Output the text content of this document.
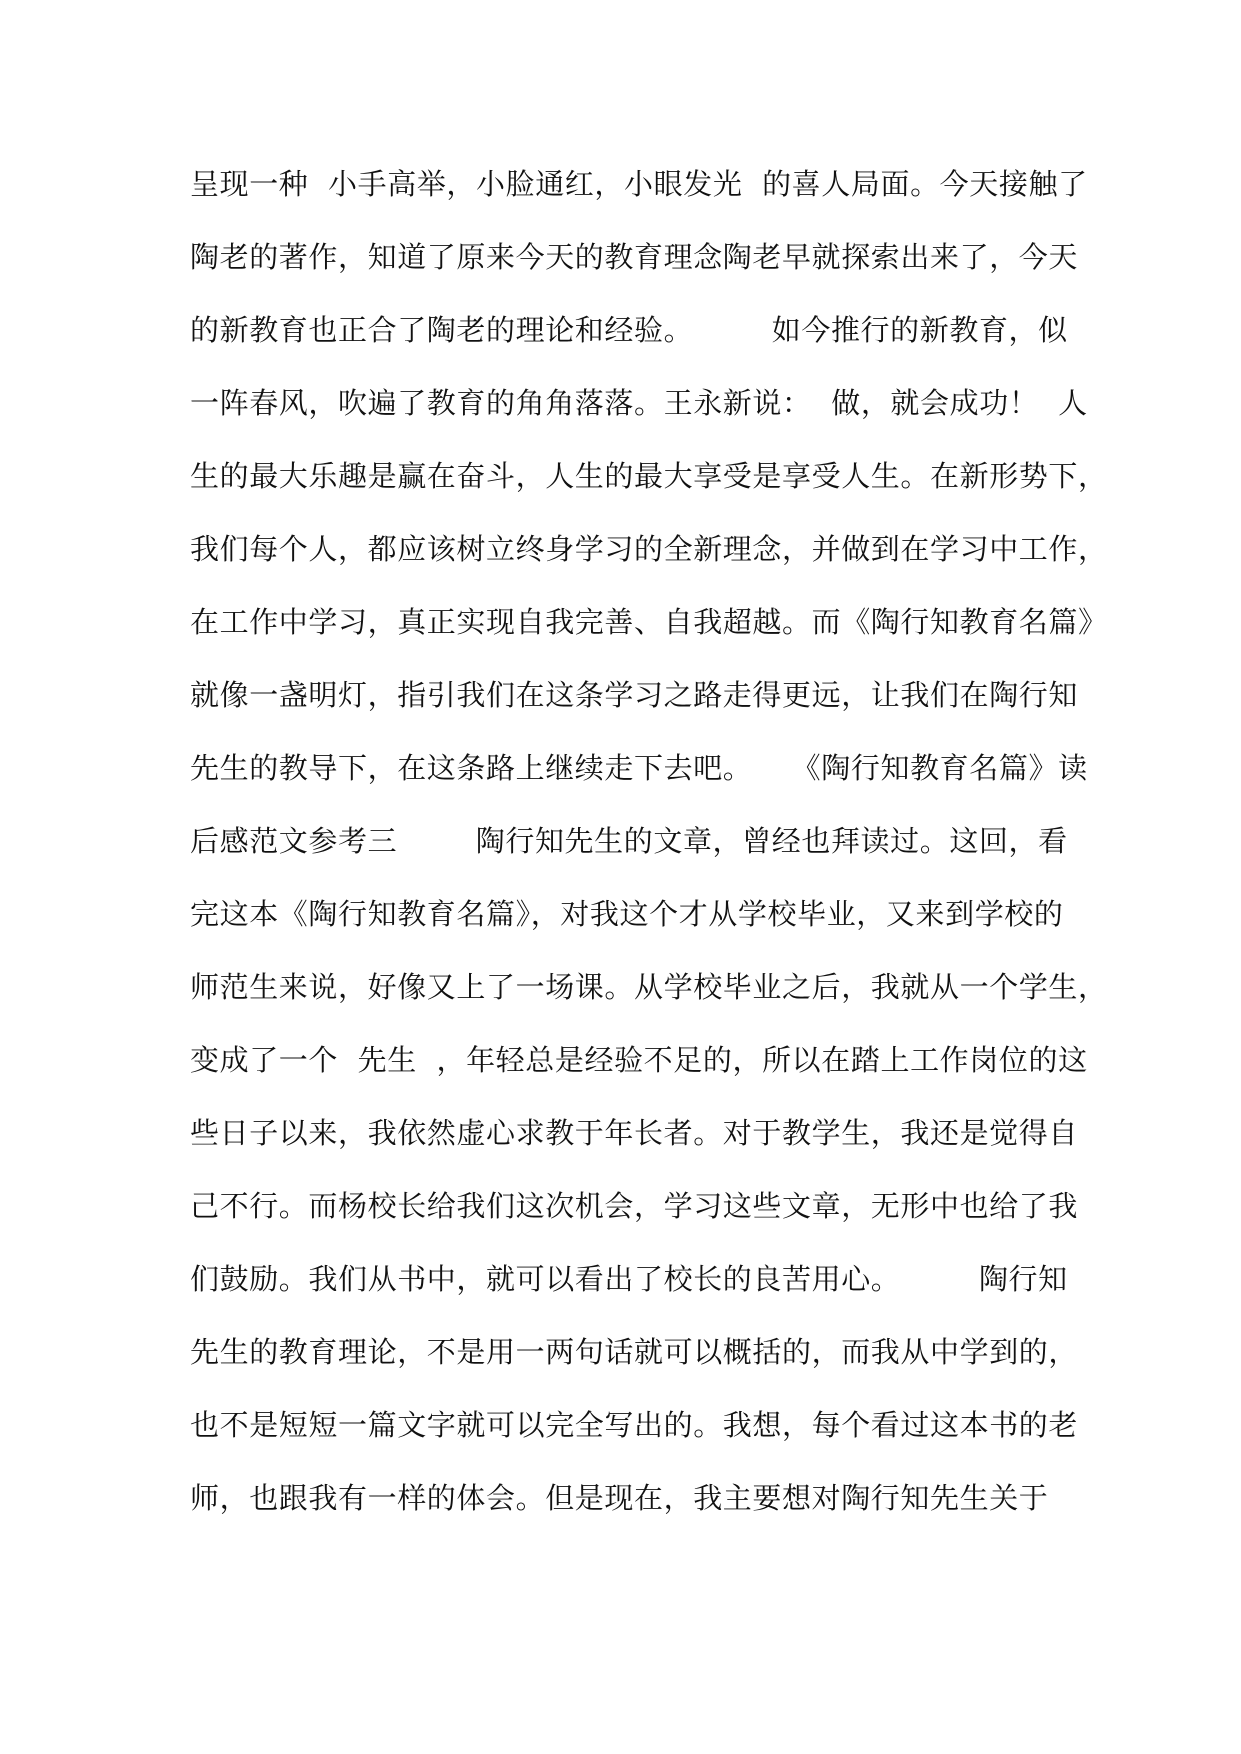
呈现一种  小手高举，小脸通红，小眼发光  的喜人局面。今天接触了
陶老的著作，知道了原来今天的教育理念陶老早就探索出来了，今天
的新教育也正合了陶老的理论和经验。        如今推行的新教育，似
一阵春风，吹遍了教育的角角落落。王永新说：  做，就会成功！  人
生的最大乐趣是赢在奋斗，人生的最大享受是享受人生。在新形势下，
我们每个人，都应该树立终身学习的全新理念，并做到在学习中工作，
在工作中学习，真正实现自我完善、自我超越。而《陶行知教育名篇》
就像一盏明灯，指引我们在这条学习之路走得更远，让我们在陶行知
先生的教导下，在这条路上继续走下去吧。    《陶行知教育名篇》读
后感范文参考三        陶行知先生的文章，曾经也拜读过。这回，看
完这本《陶行知教育名篇》，对我这个才从学校毕业，又来到学校的
师范生来说，好像又上了一场课。从学校毕业之后，我就从一个学生，
变成了一个  先生  ，年轻总是经验不足的，所以在踏上工作岗位的这
些日子以来，我依然虚心求教于年长者。对于教学生，我还是觉得自
己不行。而杨校长给我们这次机会，学习这些文章，无形中也给了我
们鼓励。我们从书中，就可以看出了校长的良苦用心。        陶行知
先生的教育理论，不是用一两句话就可以概括的，而我从中学到的，
也不是短短一篇文字就可以完全写出的。我想，每个看过这本书的老
师，也跟我有一样的体会。但是现在，我主要想对陶行知先生关于
